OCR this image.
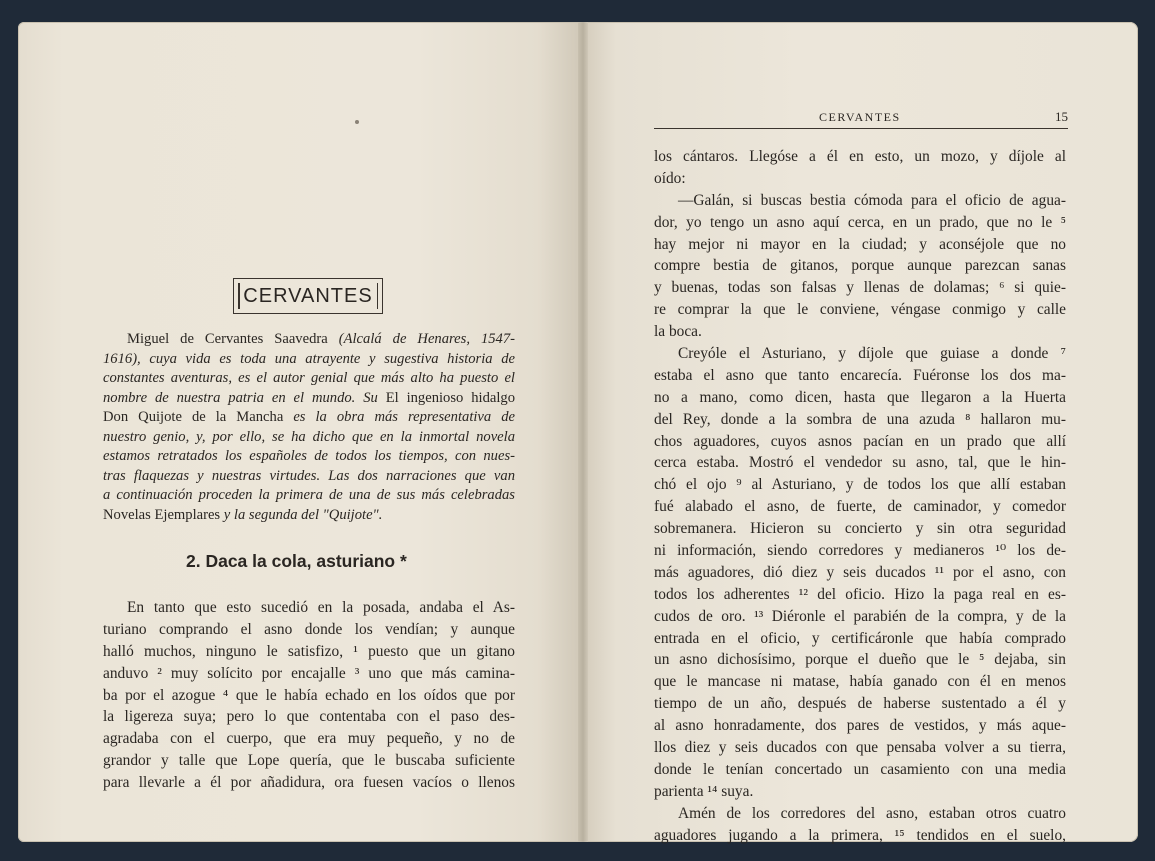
CERVANTES
Miguel de Cervantes Saavedra (Alcalá de Henares, 1547-
1616), cuya vida es toda una atrayente y sugestiva historia de
constantes aventuras, es el autor genial que más alto ha puesto el
nombre de nuestra patria en el mundo. Su El ingenioso hidalgo
Don Quijote de la Mancha es la obra más representativa de
nuestro genio, y, por ello, se ha dicho que en la inmortal novela
estamos retratados los españoles de todos los tiempos, con nues-
tras flaquezas y nuestras virtudes. Las dos narraciones que van
a continuación proceden la primera de una de sus más celebradas
Novelas Ejemplares y la segunda del "Quijote".
2. Daca la cola, asturiano *
En tanto que esto sucedió en la posada, andaba el As-
turiano comprando el asno donde los vendían; y aunque
halló muchos, ninguno le satisfizo, ¹ puesto que un gitano
anduvo ² muy solícito por encajalle ³ uno que más camina-
ba por el azogue ⁴ que le había echado en los oídos que por
la ligereza suya; pero lo que contentaba con el paso des-
agradaba con el cuerpo, que era muy pequeño, y no de
grandor y talle que Lope quería, que le buscaba suficiente
para llevarle a él por añadidura, ora fuesen vacíos o llenos
CERVANTES	15
los cántaros. Llegóse a él en esto, un mozo, y díjole al
oído:
—Galán, si buscas bestia cómoda para el oficio de agua-
dor, yo tengo un asno aquí cerca, en un prado, que no le ⁵
hay mejor ni mayor en la ciudad; y aconséjole que no
compre bestia de gitanos, porque aunque parezcan sanas
y buenas, todas son falsas y llenas de dolamas; ⁶ si quie-
re comprar la que le conviene, véngase conmigo y calle
la boca.
Creyóle el Asturiano, y díjole que guiase a donde ⁷
estaba el asno que tanto encarecía. Fuéronse los dos ma-
no a mano, como dicen, hasta que llegaron a la Huerta
del Rey, donde a la sombra de una azuda ⁸ hallaron mu-
chos aguadores, cuyos asnos pacían en un prado que allí
cerca estaba. Mostró el vendedor su asno, tal, que le hin-
chó el ojo ⁹ al Asturiano, y de todos los que allí estaban
fué alabado el asno, de fuerte, de caminador, y comedor
sobremanera. Hicieron su concierto y sin otra seguridad
ni información, siendo corredores y medianeros ¹⁰ los de-
más aguadores, dió diez y seis ducados ¹¹ por el asno, con
todos los adherentes ¹² del oficio. Hizo la paga real en es-
cudos de oro. ¹³ Diéronle el parabién de la compra, y de la
entrada en el oficio, y certificáronle que había comprado
un asno dichosísimo, porque el dueño que le ⁵ dejaba, sin
que le mancase ni matase, había ganado con él en menos
tiempo de un año, después de haberse sustentado a él y
al asno honradamente, dos pares de vestidos, y más aque-
llos diez y seis ducados con que pensaba volver a su tierra,
donde le tenían concertado un casamiento con una media
parienta ¹⁴ suya.
Amén de los corredores del asno, estaban otros cuatro
aguadores jugando a la primera, ¹⁵ tendidos en el suelo,
